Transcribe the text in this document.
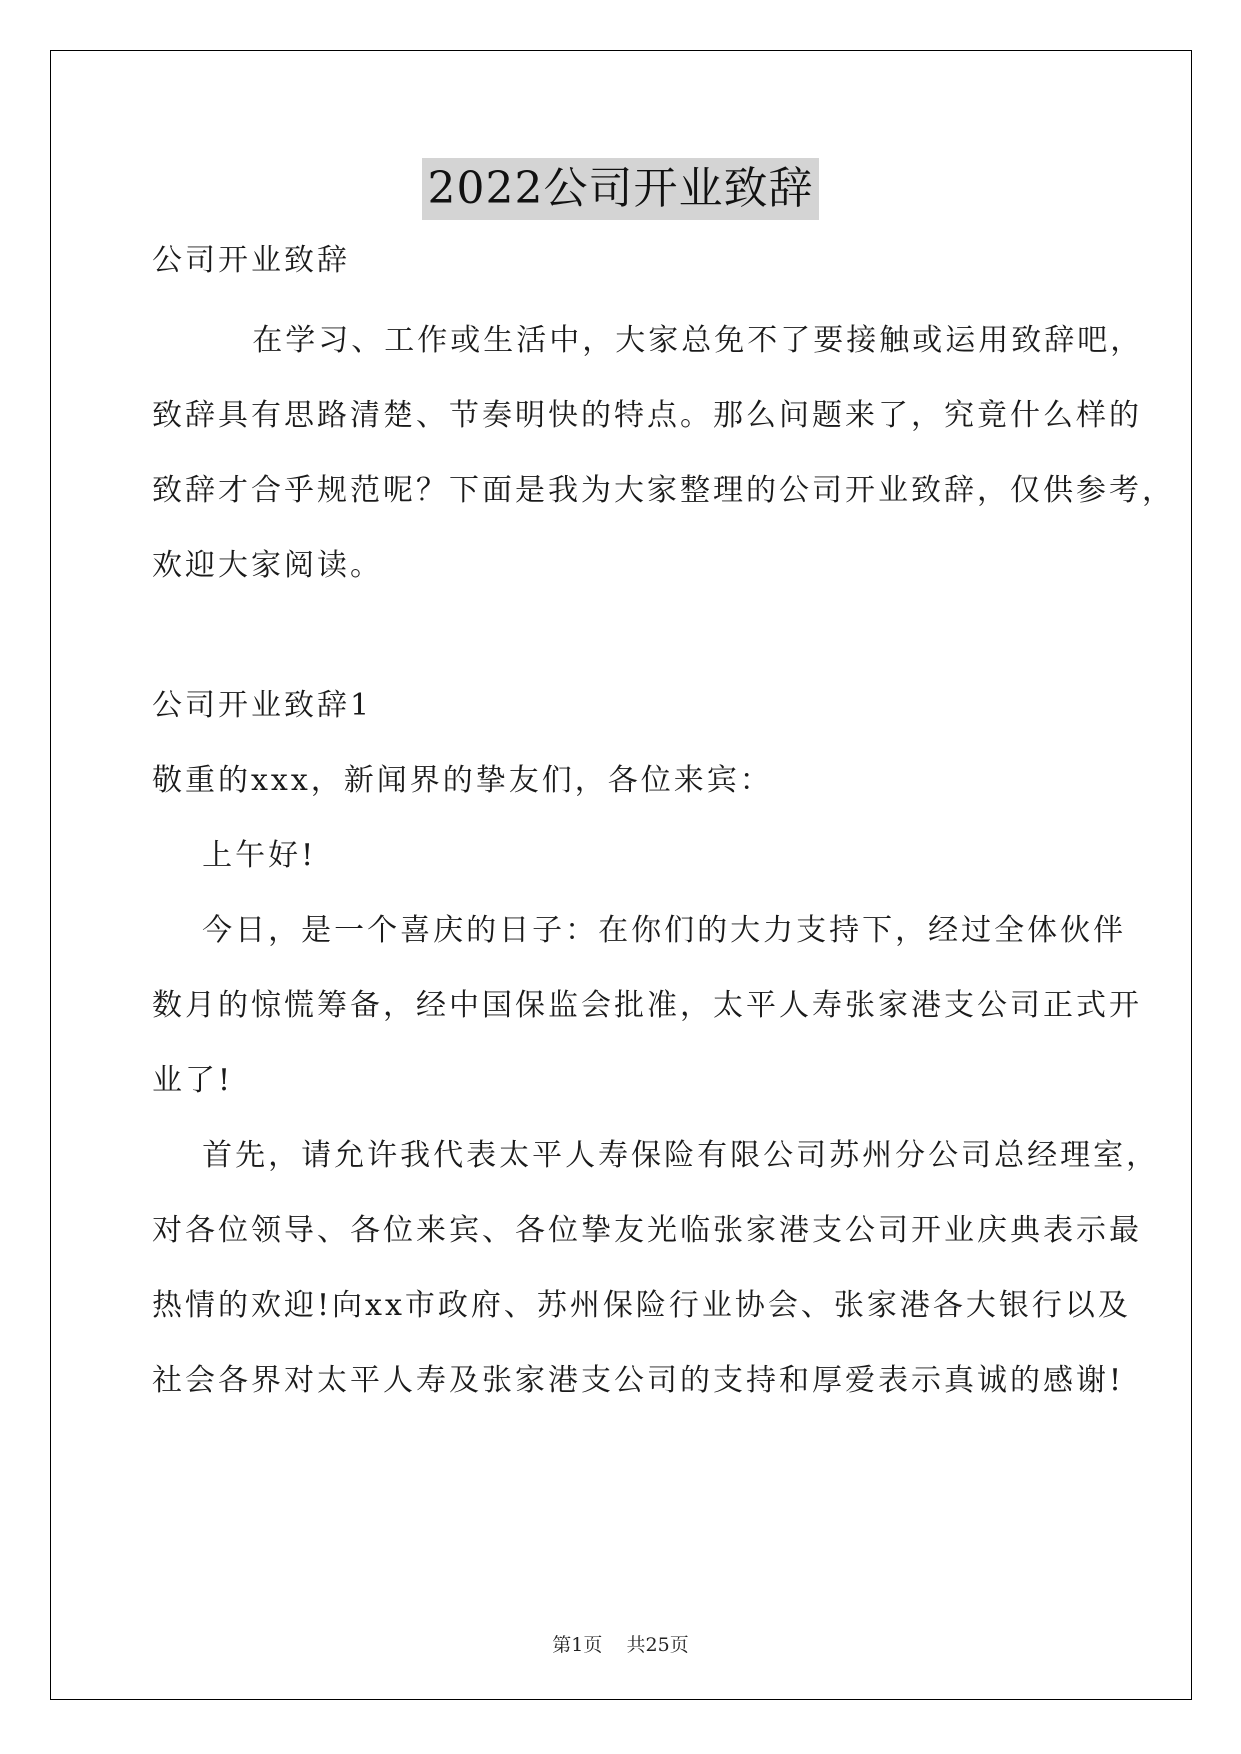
2022公司开业致辞
公司开业致辞
在学习、工作或生活中，大家总免不了要接触或运用致辞吧，
致辞具有思路清楚、节奏明快的特点。那么问题来了，究竟什么样的
致辞才合乎规范呢？下面是我为大家整理的公司开业致辞，仅供参考，
欢迎大家阅读。
公司开业致辞1
敬重的xxx，新闻界的挚友们，各位来宾：
上午好!
今日，是一个喜庆的日子：在你们的大力支持下，经过全体伙伴
数月的惊慌筹备，经中国保监会批准，太平人寿张家港支公司正式开
业了!
首先，请允许我代表太平人寿保险有限公司苏州分公司总经理室，
对各位领导、各位来宾、各位挚友光临张家港支公司开业庆典表示最
热情的欢迎!向xx市政府、苏州保险行业协会、张家港各大银行以及
社会各界对太平人寿及张家港支公司的支持和厚爱表示真诚的感谢!
第1页 共25页
